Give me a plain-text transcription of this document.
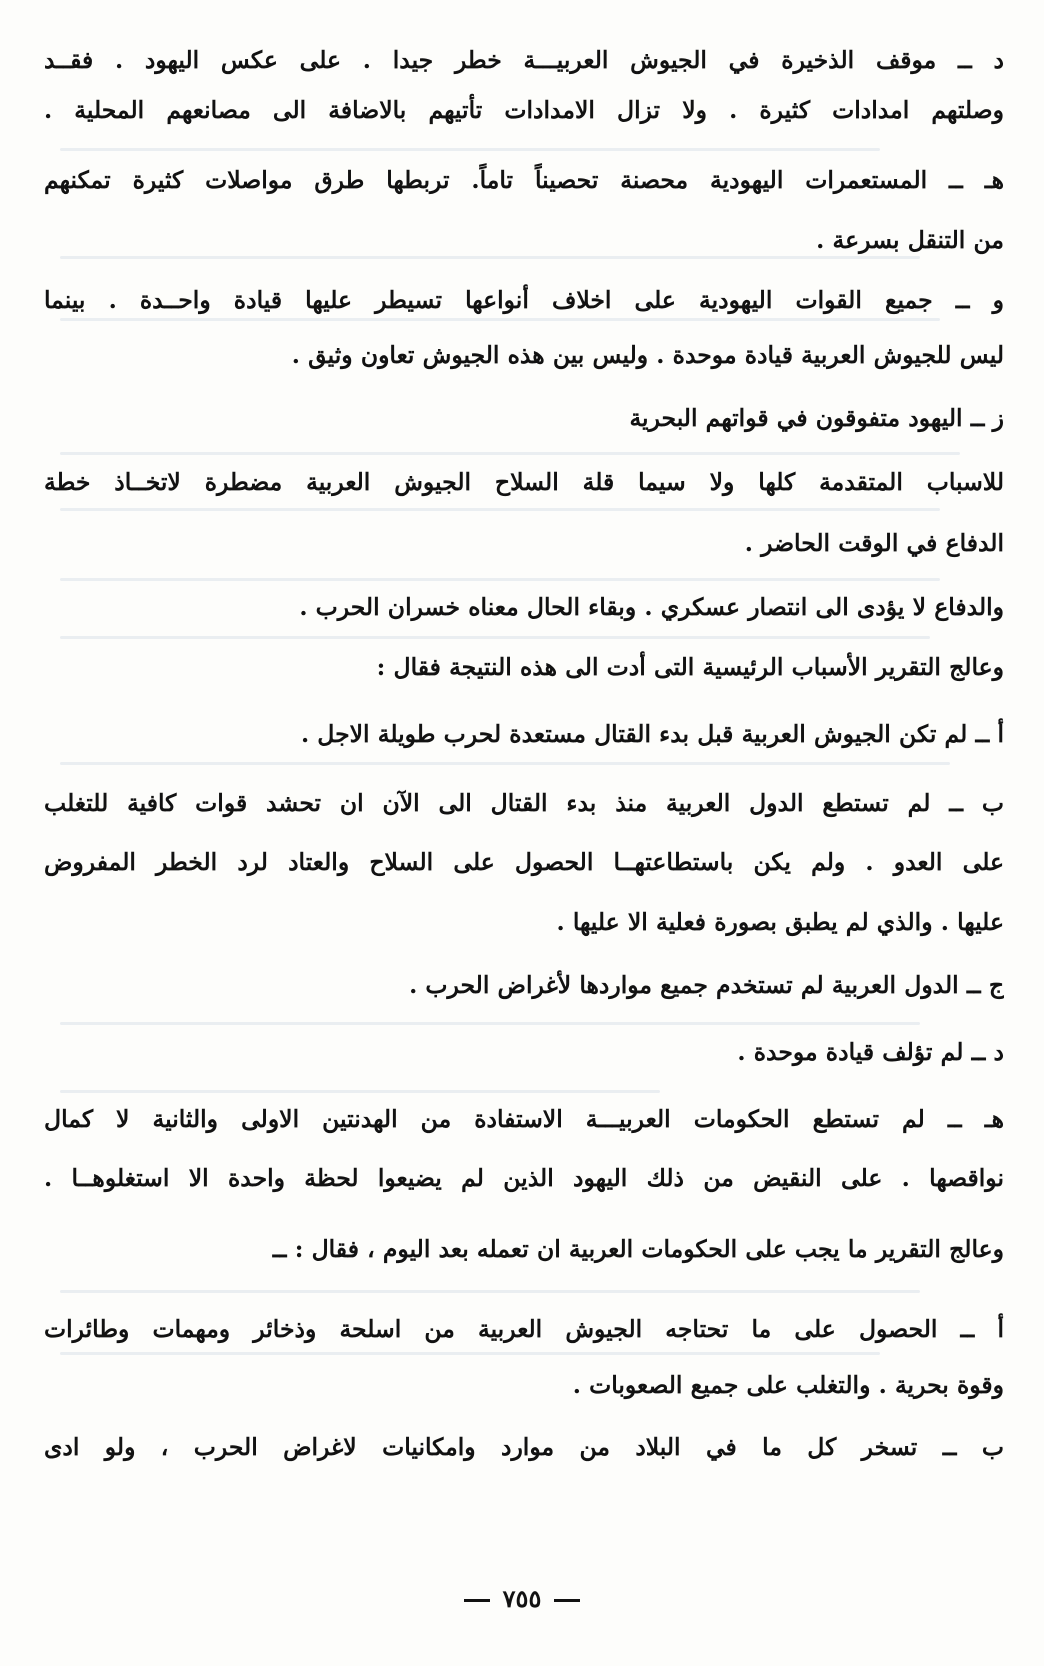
د ــ موقف الذخيرة في الجيوش العربيـــة خطر جيدا . على عكس اليهود . فقــد
وصلتهم امدادات كثيرة . ولا تزال الامدادات تأتيهم بالاضافة الى مصانعهم المحلية .
هـ ــ المستعمرات اليهودية محصنة تحصيناً تاماً. تربطها طرق مواصلات كثيرة تمكنهم
من التنقل بسرعة .
و ــ جميع القوات اليهودية على اخلاف أنواعها تسيطر عليها قيادة واحــدة . بينما
ليس للجيوش العربية قيادة موحدة . وليس بين هذه الجيوش تعاون وثيق .
ز ــ اليهود متفوقون في قواتهم البحرية
للاسباب المتقدمة كلها ولا سيما قلة السلاح الجيوش العربية مضطرة لاتخــاذ خطة
الدفاع في الوقت الحاضر .
والدفاع لا يؤدى الى انتصار عسكري . وبقاء الحال معناه خسران الحرب .
وعالج التقرير الأسباب الرئيسية التى أدت الى هذه النتيجة فقال :
أ ــ لم تكن الجيوش العربية قبل بدء القتال مستعدة لحرب طويلة الاجل .
ب ــ لم تستطع الدول العربية منذ بدء القتال الى الآن ان تحشد قوات كافية للتغلب
على العدو . ولم يكن باستطاعتهــا الحصول على السلاح والعتاد لرد الخطر المفروض
عليها . والذي لم يطبق بصورة فعلية الا عليها .
ج ــ الدول العربية لم تستخدم جميع مواردها لأغراض الحرب .
د ــ لم تؤلف قيادة موحدة .
هـ ــ لم تستطع الحكومات العربيـــة الاستفادة من الهدنتين الاولى والثانية لا كمال
نواقصها . على النقيض من ذلك اليهود الذين لم يضيعوا لحظة واحدة الا استغلوهــا .
وعالج التقرير ما يجب على الحكومات العربية ان تعمله بعد اليوم ، فقال : ــ
أ ــ الحصول على ما تحتاجه الجيوش العربية من اسلحة وذخائر ومهمات وطائرات
وقوة بحرية . والتغلب على جميع الصعوبات .
ب ــ تسخر كل ما في البلاد من موارد وامكانيات لاغراض الحرب ، ولو ادى
٧٥٥
